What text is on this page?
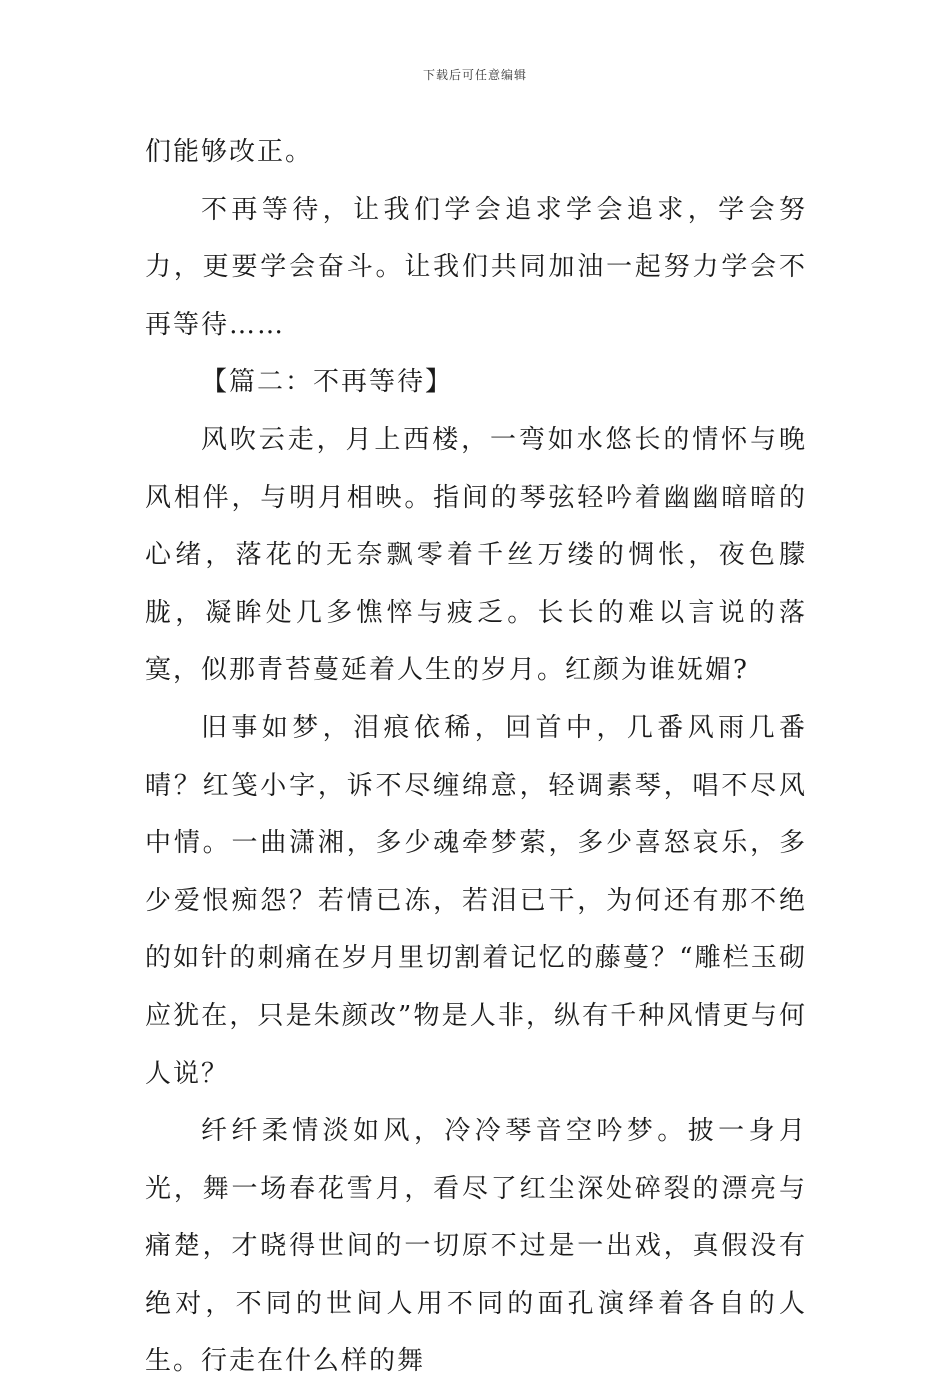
下载后可任意编辑

们能够改正。

不再等待，让我们学会追求学会追求，学会努力，更要学会奋斗。让我们共同加油一起努力学会不再等待……

【篇二：不再等待】

风吹云走，月上西楼，一弯如水悠长的情怀与晚风相伴，与明月相映。指间的琴弦轻吟着幽幽暗暗的心绪，落花的无奈飘零着千丝万缕的惆怅，夜色朦胧，凝眸处几多憔悴与疲乏。长长的难以言说的落寞，似那青苔蔓延着人生的岁月。红颜为谁妩媚?

旧事如梦，泪痕依稀，回首中，几番风雨几番晴？红笺小字，诉不尽缠绵意，轻调素琴，唱不尽风中情。一曲潇湘，多少魂牵梦萦，多少喜怒哀乐，多少爱恨痴怨？若情已冻，若泪已干，为何还有那不绝的如针的刺痛在岁月里切割着记忆的藤蔓？“雕栏玉砌应犹在，只是朱颜改”物是人非，纵有千种风情更与何人说？

纤纤柔情淡如风，冷冷琴音空吟梦。披一身月光，舞一场春花雪月，看尽了红尘深处碎裂的漂亮与痛楚，才晓得世间的一切原不过是一出戏，真假没有绝对，不同的世间人用不同的面孔演绎着各自的人生。行走在什么样的舞
